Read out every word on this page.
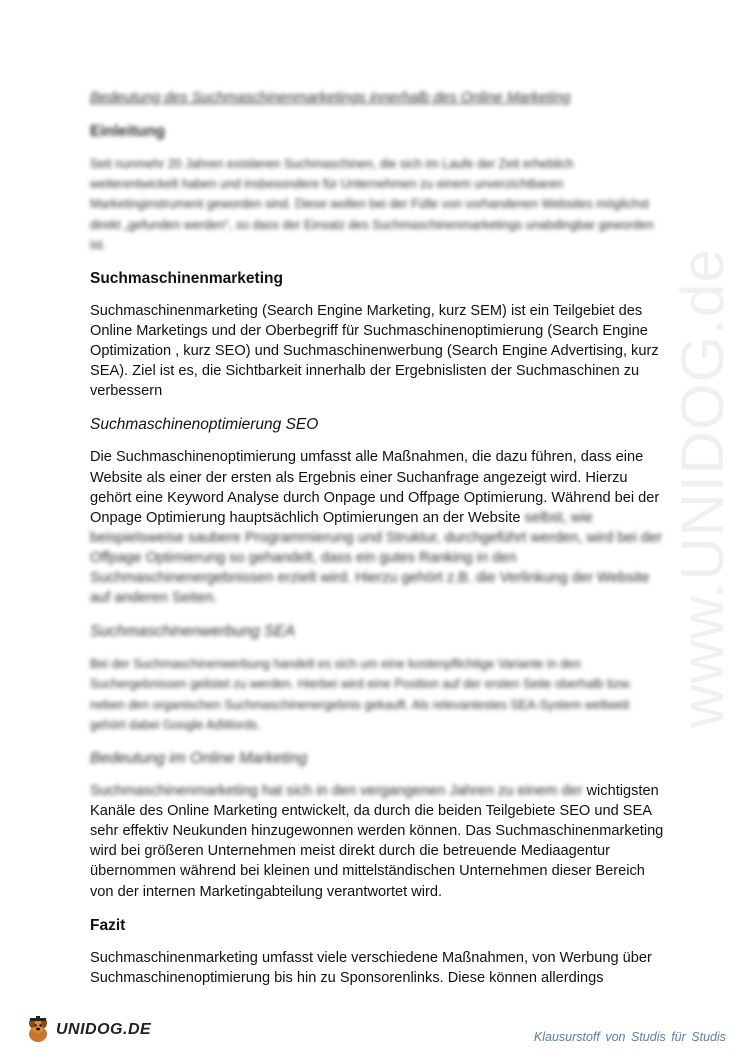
www.UNIDOG.de
Bedeutung des Suchmaschinenmarketings innerhalb des Online Marketing
Einleitung

Seit nunmehr 20 Jahren existieren Suchmaschinen, die sich im Laufe der Zeit erheblich weiterentwickelt haben und insbesondere für Unternehmen zu einem unverzichtbaren Marketinginstrument geworden sind. Diese wollen bei der Fülle von vorhandenen Websites möglichst direkt „gefunden werden“, so dass der Einsatz des Suchmaschinenmarketings unabdingbar geworden ist.

Suchmaschinenmarketing

Suchmaschinenmarketing (Search Engine Marketing, kurz SEM) ist ein Teilgebiet des Online Marketings und der Oberbegriff für Suchmaschinenoptimierung (Search Engine Optimization , kurz SEO) und Suchmaschinenwerbung (Search Engine Advertising, kurz SEA). Ziel ist es, die Sichtbarkeit innerhalb der Ergebnislisten der Suchmaschinen zu verbessern

Suchmaschinenoptimierung SEO

Die Suchmaschinenoptimierung umfasst alle Maßnahmen, die dazu führen, dass eine Website als einer der ersten als Ergebnis einer Suchanfrage angezeigt wird. Hierzu gehört eine Keyword Analyse durch Onpage und Offpage Optimierung. Während bei der Onpage Optimierung hauptsächlich Optimierungen an der Website selbst, wie beispielsweise saubere Programmierung und Struktur, durchgeführt werden, wird bei der Offpage Optimierung so gehandelt, dass ein gutes Ranking in den Suchmaschinenergebnissen erzielt wird. Hierzu gehört z.B. die Verlinkung der Website auf anderen Seiten.

Suchmaschinenwerbung SEA

Bei der Suchmaschinenwerbung handelt es sich um eine kostenpflichtige Variante in den Suchergebnissen gelistet zu werden. Hierbei wird eine Position auf der ersten Seite oberhalb bzw. neben den organischen Suchmaschinenergebnis gekauft. Als relevantestes SEA-System weltweit gehört dabei Google AdWords.

Bedeutung im Online Marketing

Suchmaschinenmarketing hat sich in den vergangenen Jahren zu einem der wichtigsten Kanäle des Online Marketing entwickelt, da durch die beiden Teilgebiete SEO und SEA sehr effektiv Neukunden hinzugewonnen werden können. Das Suchmaschinenmarketing wird bei größeren Unternehmen meist direkt durch die betreuende Mediaagentur übernommen während bei kleinen und mittelständischen Unternehmen dieser Bereich von der internen Marketingabteilung verantwortet wird.

Fazit

Suchmaschinenmarketing umfasst viele verschiedene Maßnahmen, von Werbung über Suchmaschinenoptimierung bis hin zu Sponsorenlinks. Diese können allerdings

UNIDOG.DE	Klausurstoff von Studis für Studis
